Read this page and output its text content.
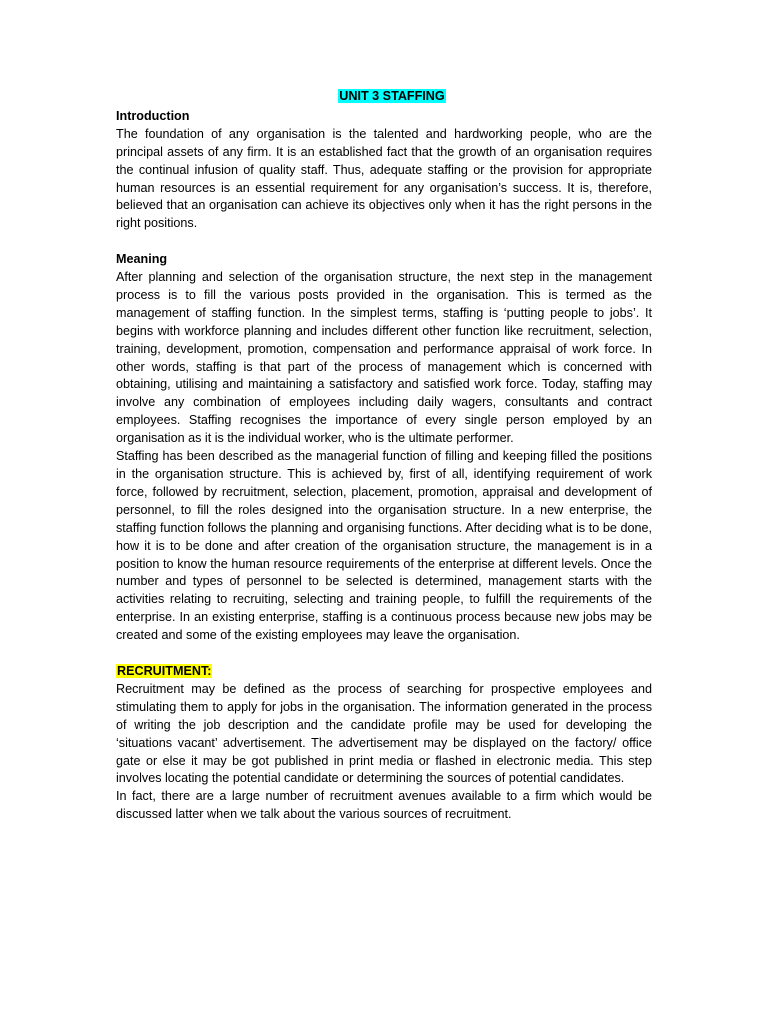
UNIT 3 STAFFING
Introduction

The foundation of any organisation is the talented and hardworking people, who are the principal assets of any firm. It is an established fact that the growth of an organisation requires the continual infusion of quality staff. Thus, adequate staffing or the provision for appropriate human resources is an essential requirement for any organisation’s success. It is, therefore, believed that an organisation can achieve its objectives only when it has the right persons in the right positions.

Meaning

After planning and selection of the organisation structure, the next step in the management process is to fill the various posts provided in the organisation. This is termed as the management of staffing function. In the simplest terms, staffing is ‘putting people to jobs’. It begins with workforce planning and includes different other function like recruitment, selection, training, development, promotion, compensation and performance appraisal of work force. In other words, staffing is that part of the process of management which is concerned with obtaining, utilising and maintaining a satisfactory and satisfied work force. Today, staffing may involve any combination of employees including daily wagers, consultants and contract employees. Staffing recognises the importance of every single person employed by an organisation as it is the individual worker, who is the ultimate performer.

Staffing has been described as the managerial function of filling and keeping filled the positions in the organisation structure. This is achieved by, first of all, identifying requirement of work force, followed by recruitment, selection, placement, promotion, appraisal and development of personnel, to fill the roles designed into the organisation structure. In a new enterprise, the staffing function follows the planning and organising functions. After deciding what is to be done, how it is to be done and after creation of the organisation structure, the management is in a position to know the human resource requirements of the enterprise at different levels. Once the number and types of personnel to be selected is determined, management starts with the activities relating to recruiting, selecting and training people, to fulfill the requirements of the enterprise. In an existing enterprise, staffing is a continuous process because new jobs may be created and some of the existing employees may leave the organisation.

RECRUITMENT:

Recruitment may be defined as the process of searching for prospective employees and stimulating them to apply for jobs in the organisation. The information generated in the process of writing the job description and the candidate profile may be used for developing the ‘situations vacant’ advertisement. The advertisement may be displayed on the factory/ office gate or else it may be got published in print media or flashed in electronic media. This step involves locating the potential candidate or determining the sources of potential candidates.

In fact, there are a large number of recruitment avenues available to a firm which would be discussed latter when we talk about the various sources of recruitment.
